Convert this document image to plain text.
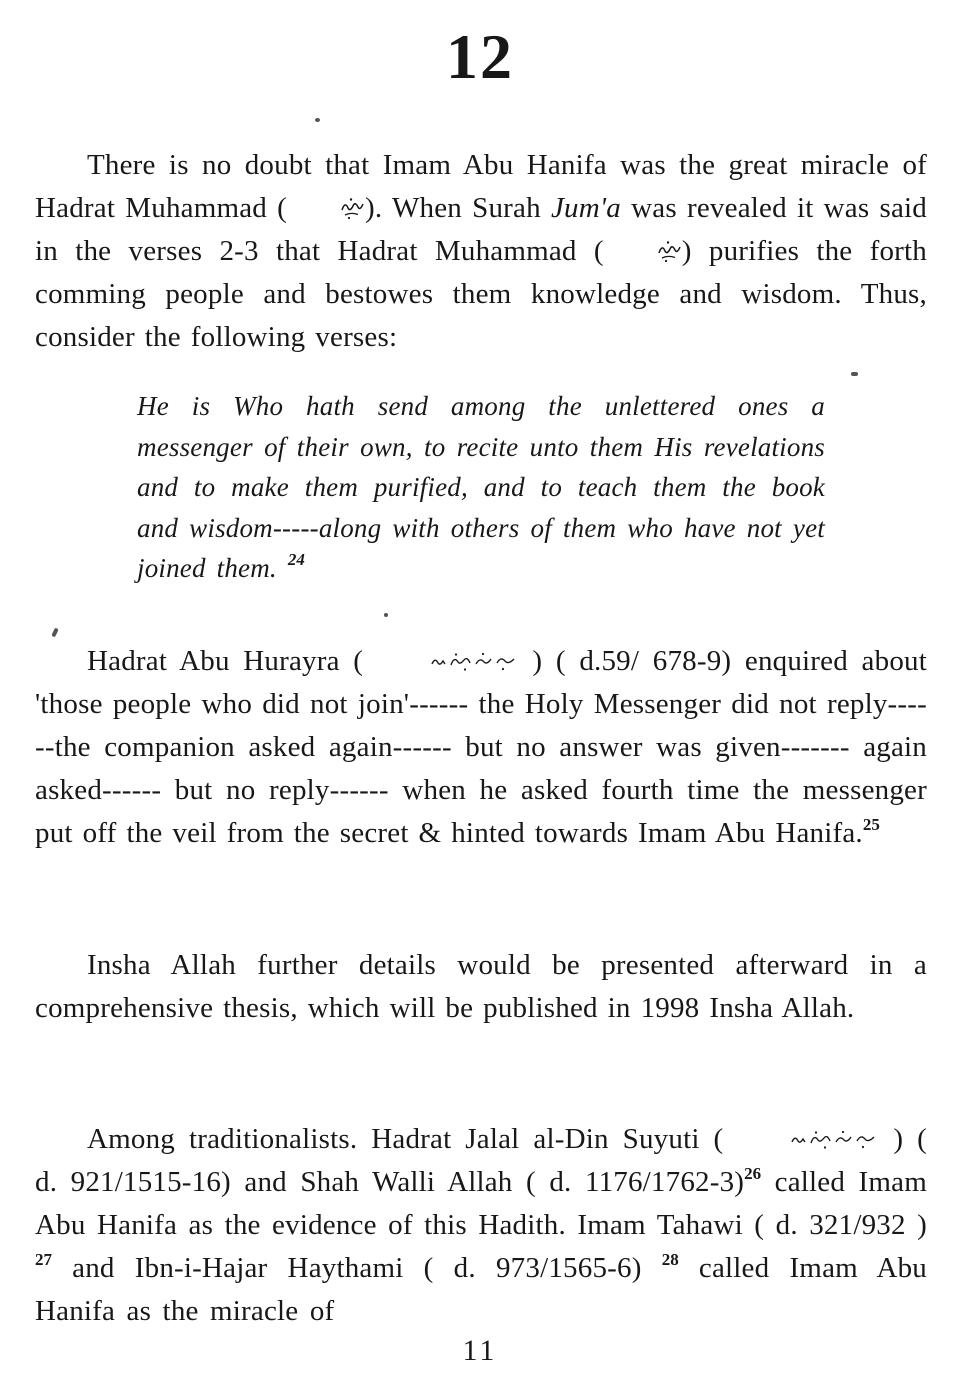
12
There is no doubt that Imam Abu Hanifa was the great miracle of Hadrat Muhammad (	). When Surah Jum'a was revealed it was said in the verses 2-3 that Hadrat Muhammad (	) purifies the forth comming people and bestowes them knowledge and wisdom. Thus, consider the following verses:
He is Who hath send among the unlettered ones a messenger of their own, to recite unto them His revelations and to make them purified, and to teach them the book and wisdom-----along with others of them who have not yet joined them. $^{24}$
Hadrat Abu Hurayra (	) ( d.59/ 678-9) enquired about 'those people who did not join'------ the Holy Messenger did not reply------the companion asked again------ but no answer was given------- again asked------ but no reply------ when he asked fourth time the messenger put off the veil from the secret & hinted towards Imam Abu Hanifa.$^{25}$
Insha Allah further details would be presented afterward in a comprehensive thesis, which will be published in 1998 Insha Allah.
Among traditionalists. Hadrat Jalal al-Din Suyuti (	) ( d. 921/1515-16) and Shah Walli Allah ( d. 1176/1762-3)$^{26}$ called Imam Abu Hanifa as the evidence of this Hadith. Imam Tahawi ( d. 321/932 ) $^{27}$ and Ibn-i-Hajar Haythami ( d. 973/1565-6) $^{28}$ called Imam Abu Hanifa as the miracle of
11
